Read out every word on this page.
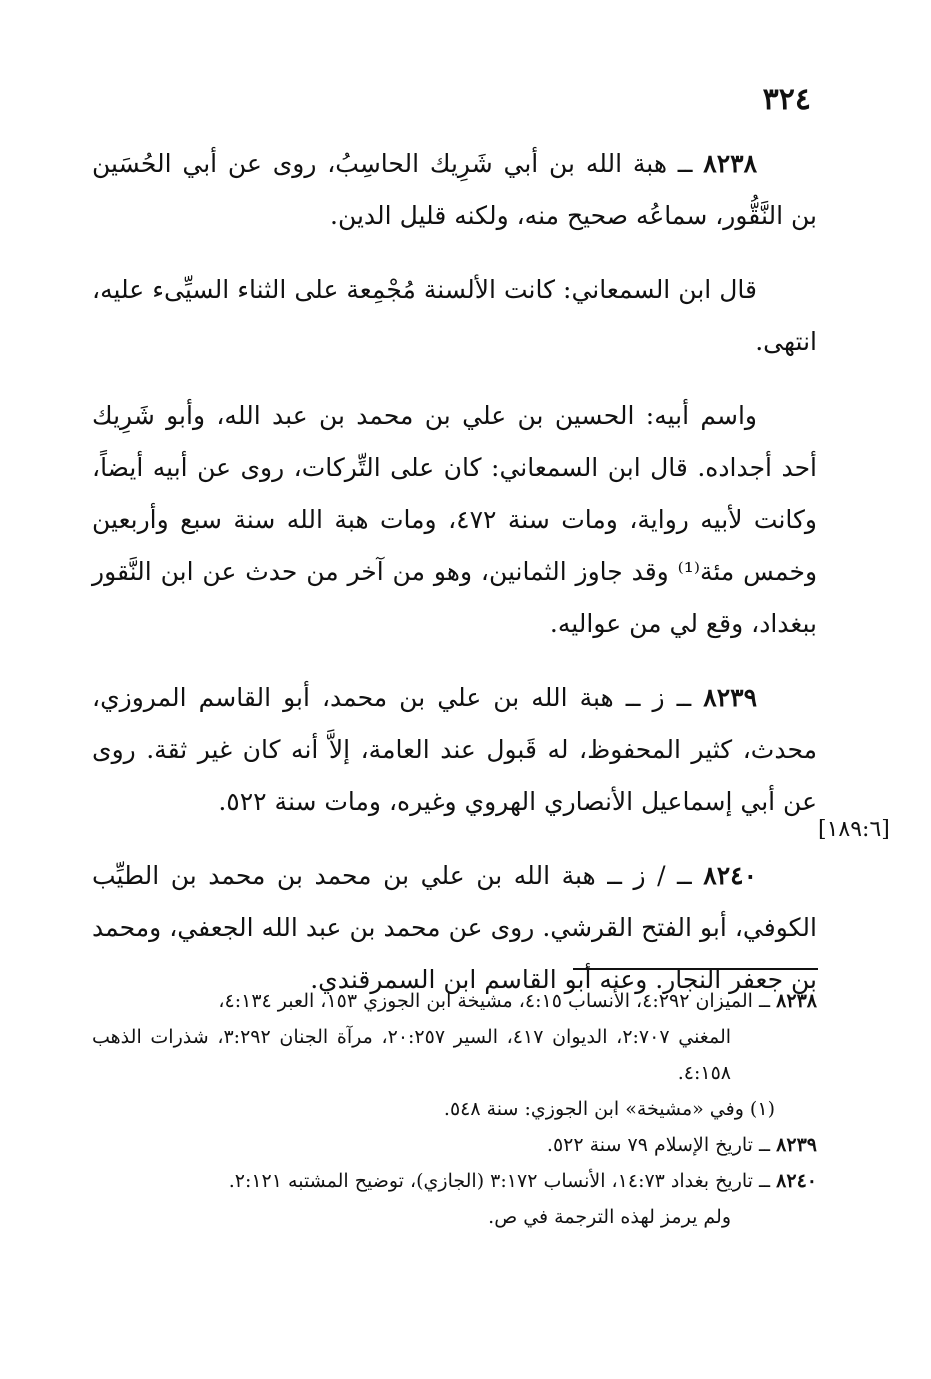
٣٢٤

٨٢٣٨ ــ هبة الله بن أبي شَرِيك الحاسِبُ، روى عن أبي الحُسَين بن النَّقُّور، سماعُه صحيح منه، ولكنه قليل الدين.

قال ابن السمعاني: كانت الألسنة مُجْمِعة على الثناء السيِّىء عليه، انتهى.

واسم أبيه: الحسين بن علي بن محمد بن عبد الله، وأبو شَرِيك أحد أجداده. قال ابن السمعاني: كان على التِّركات، روى عن أبيه أيضاً، وكانت لأبيه رواية، ومات سنة ٤٧٢، ومات هبة الله سنة سبع وأربعين وخمس مئة⁽¹⁾ وقد جاوز الثمانين، وهو من آخر من حدث عن ابن النَّقور ببغداد، وقع لي من عواليه.

٨٢٣٩ ــ ز ــ هبة الله بن علي بن محمد، أبو القاسم المروزي، محدث، كثير المحفوظ، له قَبول عند العامة، إلاَّ أنه كان غير ثقة. روى عن أبي إسماعيل الأنصاري الهروي وغيره، ومات سنة ٥٢٢.

٨٢٤٠ ــ / ز ــ هبة الله بن علي بن محمد بن محمد بن الطيِّب الكوفي، أبو الفتح القرشي. روى عن محمد بن عبد الله الجعفي، ومحمد بن جعفر النجار. وعنه أبو القاسم ابن السمرقندي.

[١٨٩:٦]

٨٢٣٨ ــ الميزان ٤:٢٩٢، الأنساب ٤:١٥، مشيخة ابن الجوزي ١٥٣، العبر ٤:١٣٤،
المغني ٢:٧٠٧، الديوان ٤١٧، السير ٢٠:٢٥٧، مرآة الجنان ٣:٢٩٢، شذرات الذهب ٤:١٥٨.

(١) وفي «مشيخة» ابن الجوزي: سنة ٥٤٨.

٨٢٣٩ ــ تاريخ الإسلام ٧٩ سنة ٥٢٢.

٨٢٤٠ ــ تاريخ بغداد ١٤:٧٣، الأنساب ٣:١٧٢ (الجازي)، توضيح المشتبه ٢:١٢١.
ولم يرمز لهذه الترجمة في ص.
